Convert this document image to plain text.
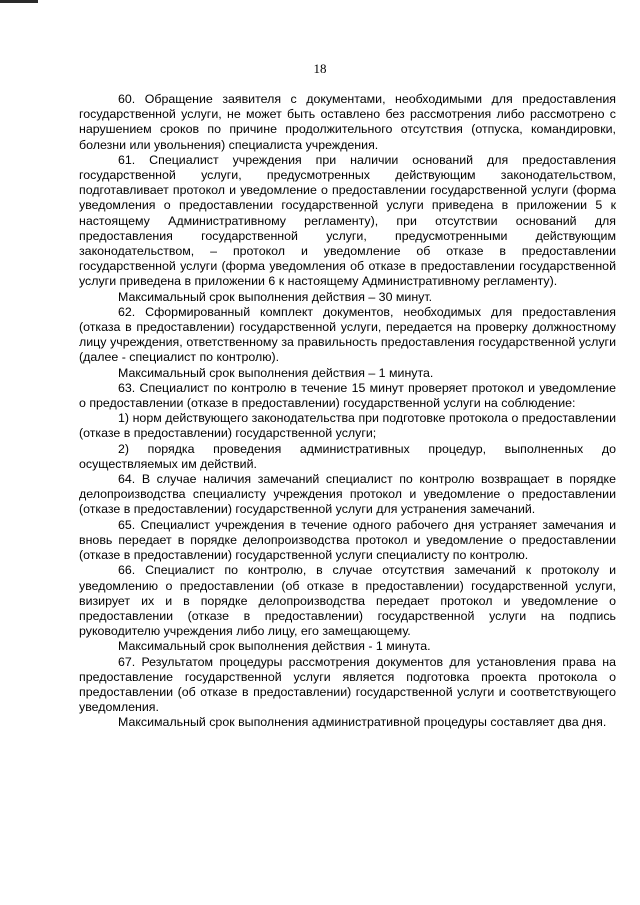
18

60. Обращение заявителя с документами, необходимыми для предоставления государственной услуги, не может быть оставлено без рассмотрения либо рассмотрено с нарушением сроков по причине продолжительного отсутствия (отпуска, командировки, болезни или увольнения) специалиста учреждения.

61. Специалист учреждения при наличии оснований для предоставления государственной услуги, предусмотренных действующим законодательством, подготавливает протокол и уведомление о предоставлении государственной услуги (форма уведомления о предоставлении государственной услуги приведена в приложении 5 к настоящему Административному регламенту), при отсутствии оснований для предоставления государственной услуги, предусмотренными действующим законодательством, – протокол и уведомление об отказе в предоставлении государственной услуги (форма уведомления об отказе в предоставлении государственной услуги приведена в приложении 6 к настоящему Административному регламенту).

Максимальный срок выполнения действия – 30 минут.

62. Сформированный комплект документов, необходимых для предоставления (отказа в предоставлении) государственной услуги, передается на проверку должностному лицу учреждения, ответственному за правильность предоставления государственной услуги (далее - специалист по контролю).

Максимальный срок выполнения действия – 1 минута.

63. Специалист по контролю в течение 15 минут проверяет протокол и уведомление о предоставлении (отказе в предоставлении) государственной услуги на соблюдение:

1) норм действующего законодательства при подготовке протокола о предоставлении (отказе в предоставлении) государственной услуги;

2) порядка проведения административных процедур, выполненных до осуществляемых им действий.

64. В случае наличия замечаний специалист по контролю возвращает в порядке делопроизводства специалисту учреждения протокол и уведомление о предоставлении (отказе в предоставлении) государственной услуги для устранения замечаний.

65. Специалист учреждения в течение одного рабочего дня устраняет замечания и вновь передает в порядке делопроизводства протокол и уведомление о предоставлении (отказе в предоставлении) государственной услуги специалисту по контролю.

66. Специалист по контролю, в случае отсутствия замечаний к протоколу и уведомлению о предоставлении (об отказе в предоставлении) государственной услуги, визирует их и в порядке делопроизводства передает протокол и уведомление о предоставлении (отказе в предоставлении) государственной услуги на подпись руководителю учреждения либо лицу, его замещающему.

Максимальный срок выполнения действия - 1 минута.

67. Результатом процедуры рассмотрения документов для установления права на предоставление государственной услуги является подготовка проекта протокола о предоставлении (об отказе в предоставлении) государственной услуги и соответствующего уведомления.

Максимальный срок выполнения административной процедуры составляет два дня.
